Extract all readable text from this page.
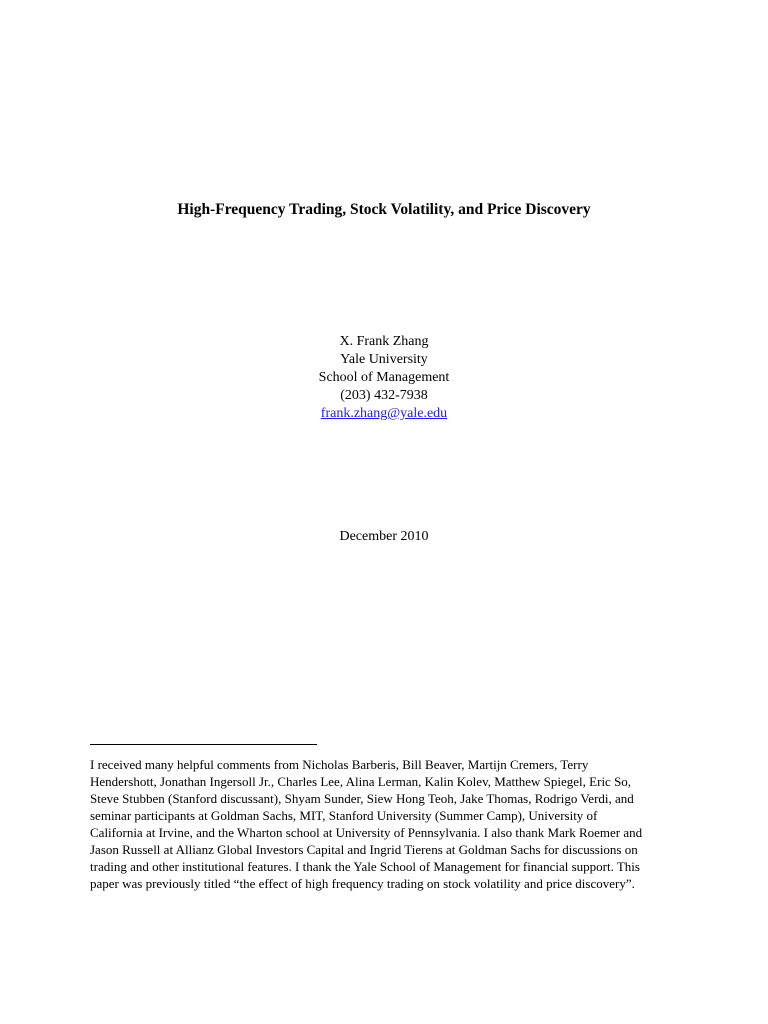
High-Frequency Trading, Stock Volatility, and Price Discovery
X. Frank Zhang
Yale University
School of Management
(203) 432-7938
frank.zhang@yale.edu
December 2010
I received many helpful comments from Nicholas Barberis, Bill Beaver, Martijn Cremers, Terry
Hendershott, Jonathan Ingersoll Jr., Charles Lee, Alina Lerman, Kalin Kolev, Matthew Spiegel, Eric So,
Steve Stubben (Stanford discussant), Shyam Sunder, Siew Hong Teoh, Jake Thomas, Rodrigo Verdi, and
seminar participants at Goldman Sachs, MIT, Stanford University (Summer Camp), University of
California at Irvine, and the Wharton school at University of Pennsylvania. I also thank Mark Roemer and
Jason Russell at Allianz Global Investors Capital and Ingrid Tierens at Goldman Sachs for discussions on
trading and other institutional features. I thank the Yale School of Management for financial support. This
paper was previously titled “the effect of high frequency trading on stock volatility and price discovery”.
